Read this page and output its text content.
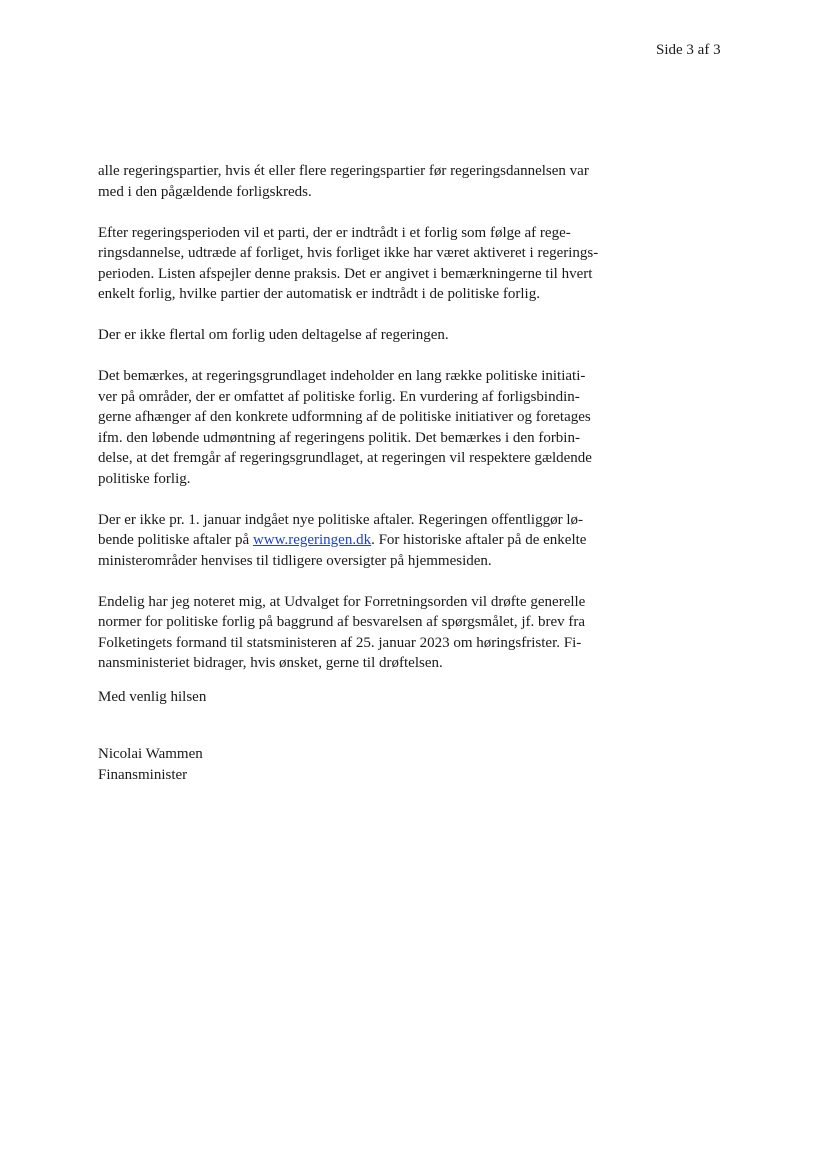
Side 3 af 3

alle regeringspartier, hvis ét eller flere regeringspartier før regeringsdannelsen var
med i den pågældende forligskreds.

Efter regeringsperioden vil et parti, der er indtrådt i et forlig som følge af rege-
ringsdannelse, udtræde af forliget, hvis forliget ikke har været aktiveret i regerings-
perioden. Listen afspejler denne praksis. Det er angivet i bemærkningerne til hvert
enkelt forlig, hvilke partier der automatisk er indtrådt i de politiske forlig.

Der er ikke flertal om forlig uden deltagelse af regeringen.

Det bemærkes, at regeringsgrundlaget indeholder en lang række politiske initiati-
ver på områder, der er omfattet af politiske forlig. En vurdering af forligsbindin-
gerne afhænger af den konkrete udformning af de politiske initiativer og foretages
ifm. den løbende udmøntning af regeringens politik. Det bemærkes i den forbin-
delse, at det fremgår af regeringsgrundlaget, at regeringen vil respektere gældende
politiske forlig.

Der er ikke pr. 1. januar indgået nye politiske aftaler. Regeringen offentliggør lø-
bende politiske aftaler på www.regeringen.dk. For historiske aftaler på de enkelte
ministerområder henvises til tidligere oversigter på hjemmesiden.

Endelig har jeg noteret mig, at Udvalget for Forretningsorden vil drøfte generelle
normer for politiske forlig på baggrund af besvarelsen af spørgsmålet, jf. brev fra
Folketingets formand til statsministeren af 25. januar 2023 om høringsfrister. Fi-
nansministeriet bidrager, hvis ønsket, gerne til drøftelsen.

Med venlig hilsen
Nicolai Wammen
Finansminister
